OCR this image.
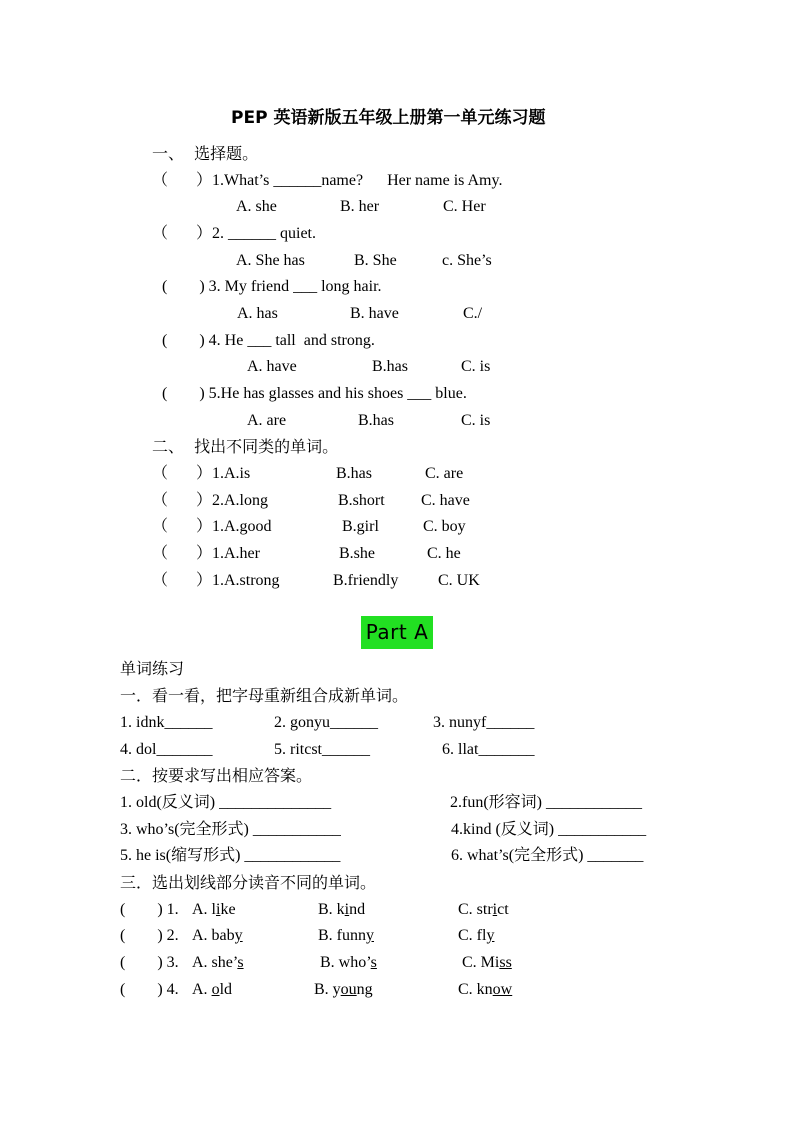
PEP 英语新版五年级上册第一单元练习题
一、  选择题。
（       ）1.What’s ______name?      Her name is Amy.
A. she	B. her	C. Her
（       ）2. ______ quiet.
A. She has	B. She	c. She’s
(        ) 3. My friend ___ long hair.
A. has	B. have	C./
(        ) 4. He ___ tall  and strong.
A. have	B.has	C. is
(        ) 5.He has glasses and his shoes ___ blue.
A. are	B.has	C. is
二、  找出不同类的单词。
（       ）1.A.is	B.has	C. are
（       ）2.A.long	B.short C. have
（       ）1.A.good	B.girl	C. boy
（       ）1.A.her	B.she	C. he
（       ）1.A.strong	B.friendly C. UK
Part A
单词练习
一．看一看，把字母重新组合成新单词。
1. idnk______	2. gonyu______	3. nunyf______
4. dol_______	5. ritcst______	6. llat_______
二．按要求写出相应答案。
1. old(反义词) ______________	2.fun(形容词) ____________
3. who’s(完全形式) ___________	4.kind (反义词) ___________
5. he is(缩写形式) ____________	6. what’s(完全形式) _______
三．选出划线部分读音不同的单词。
(        ) 1. A. like	B. kind	C. strict
(        ) 2. A. baby	B. funny	C. fly
(        ) 3. A. she’s	B. who’s	C. Miss
(        ) 4. A. old	B. young	C. know
